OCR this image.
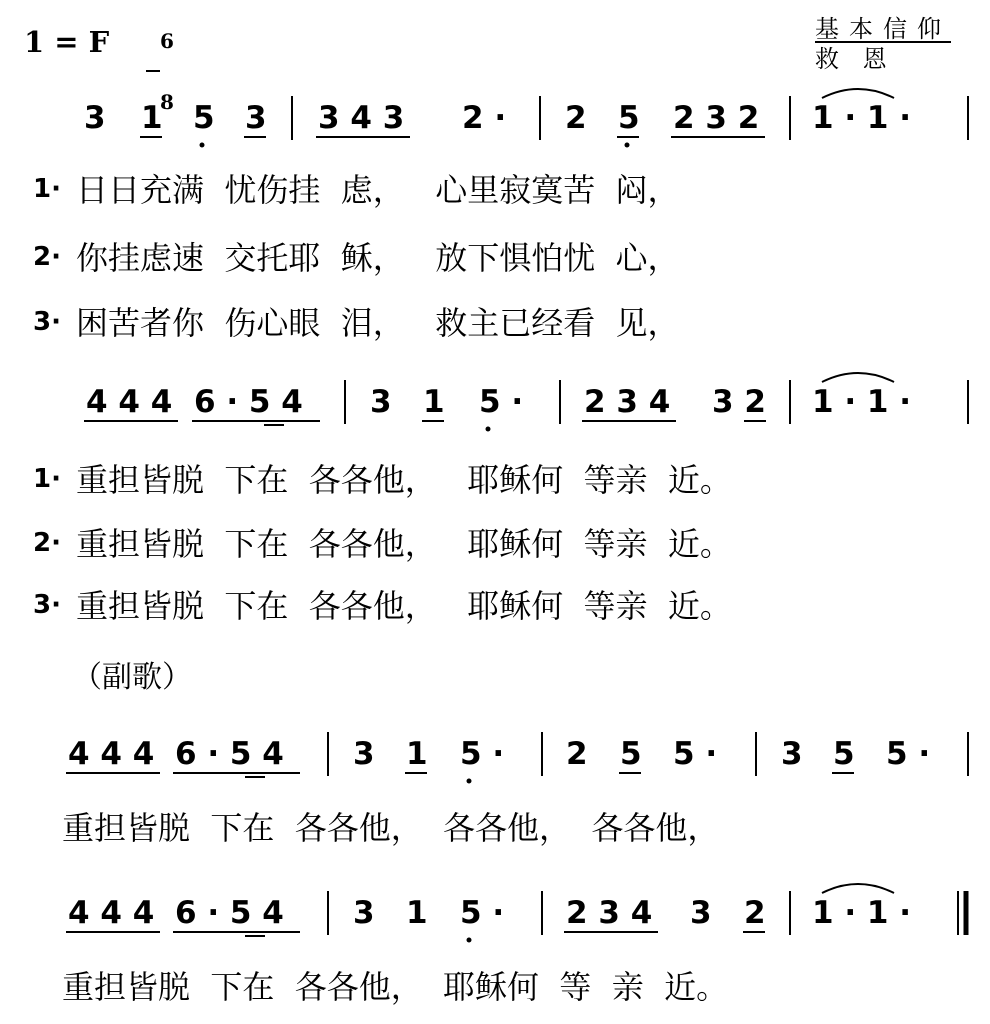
1 = F	6

8

基本信仰
救 恩
3 1 5 3 3 4 3 2 · 2 5 2 3 2 1 · 1 ·
1· 日日充满  忧伤挂  虑，   心里寂寞苦  闷，
2· 你挂虑速  交托耶  稣，   放下惧怕忧  心，
3· 困苦者你  伤心眼  泪，   救主已经看  见，
4 4 4 6 · 5 4 3 1 5 · 2 3 4 3 2 1 · 1 ·
1· 重担皆脱  下在  各各他，   耶稣何  等亲  近。
2· 重担皆脱  下在  各各他，   耶稣何  等亲  近。
3· 重担皆脱  下在  各各他，   耶稣何  等亲  近。
（副歌）
4 4 4 6 · 5 4 3 1 5 · 2 5 5 · 3 5 5 ·
重担皆脱  下在  各各他，  各各他，  各各他，
4 4 4 6 · 5 4 3 1 5 · 2 3 4 3 2 1 · 1 ·
重担皆脱  下在  各各他，  耶稣何  等  亲  近。
